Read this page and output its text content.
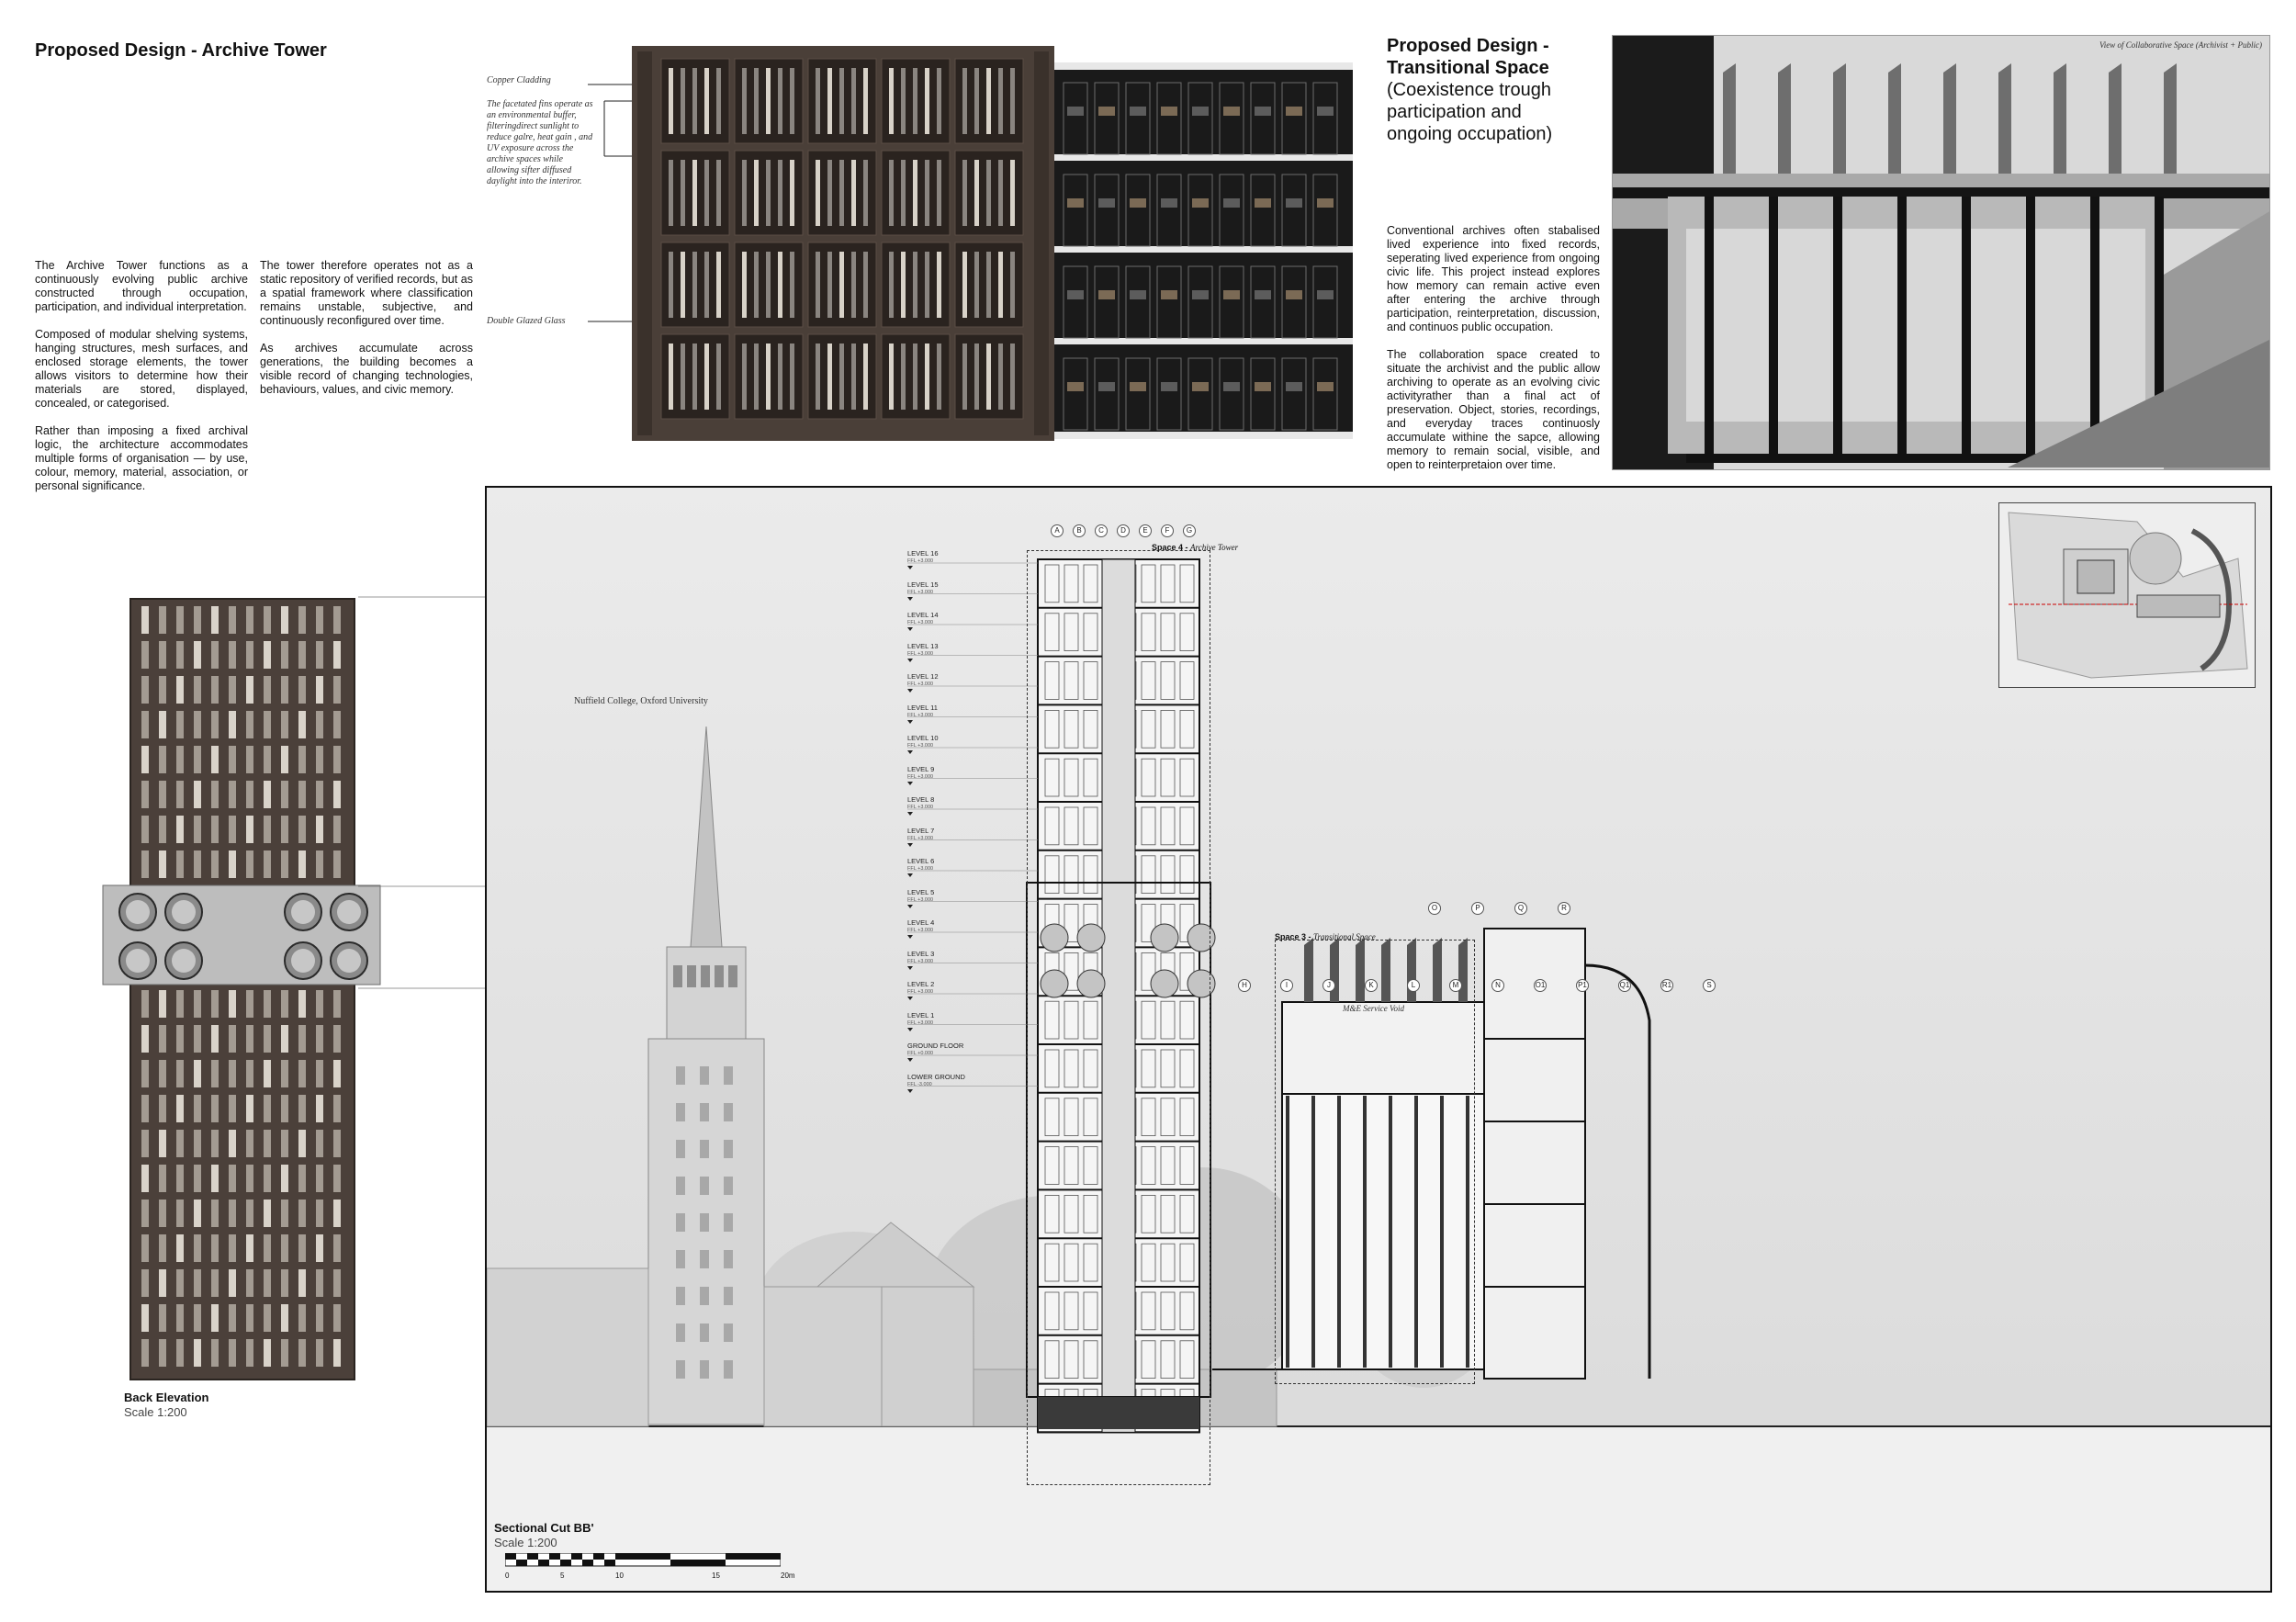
Proposed Design - Archive Tower

The Archive Tower functions as a continuously evolving public archive constructed through occupation, participation, and individual interpretation.

Composed of modular shelving systems, hanging structures, mesh surfaces, and enclosed storage elements, the tower allows visitors to determine how their materials are stored, displayed, concealed, or categorised.

Rather than imposing a fixed archival logic, the architecture accommodates multiple forms of organisation — by use, colour, memory, material, association, or personal significance.

The tower therefore operates not as a static repository of verified records, but as a spatial framework where classification remains unstable, subjective, and continuously reconfigured over time.

As archives accumulate across generations, the building becomes a visible record of changing technologies, behaviours, values, and civic memory.

Copper Cladding
The facetated fins operate as an environmental buffer, filteringdirect sunlight to reduce galre, heat gain , and UV exposure across the archive spaces while allowing sifter diffused daylight into the interiror.
Double Glazed Glass
Proposed Design -
Transitional Space
(Coexistence trough participation and ongoing occupation)

Conventional archives often stabalised lived experience into fixed records, seperating lived experience from ongoing civic life. This project instead explores how memory can remain active even after entering the archive through participation, reinterpretation, discussion, and continuos public occupation.

The collaboration space created to situate the archivist and the public allow archiving to operate as an evolving civic activityrather than a final act of preservation. Object, stories, recordings, and everyday traces continuosly accumulate withine the sapce, allowing memory to remain social, visible, and open to reinterpretaion over time.

View of Collaborative Space (Archivist + Public)
Back Elevation
Scale 1:200
LEVEL 16
FFL +3.000
LEVEL 15
FFL +3.000
LEVEL 14
FFL +3.000
LEVEL 13
FFL +3.000
LEVEL 12
FFL +3.000
LEVEL 11
FFL +3.000
LEVEL 10
FFL +3.000
LEVEL 9
FFL +3.000
LEVEL 8
FFL +3.000
LEVEL 7
FFL +3.000
LEVEL 6
FFL +3.000
LEVEL 5
FFL +3.000
LEVEL 4
FFL +3.000
LEVEL 3
FFL +3.000
LEVEL 2
FFL +3.000
LEVEL 1
FFL +3.000
GROUND FLOOR
FFL +0.000
LOWER GROUND
FFL -3.000
A	B	C	D	E	F	G
O	P	Q	R
H	I	J	K	L	M	N	O1	P1	Q1	R1	S
Nuffield College, Oxford University
Space 4 - Archive Tower
Space 3 - Transitional Space
M&E Service Void
Sectional Cut BB'
Scale 1:200
0	5	10	15	20m
